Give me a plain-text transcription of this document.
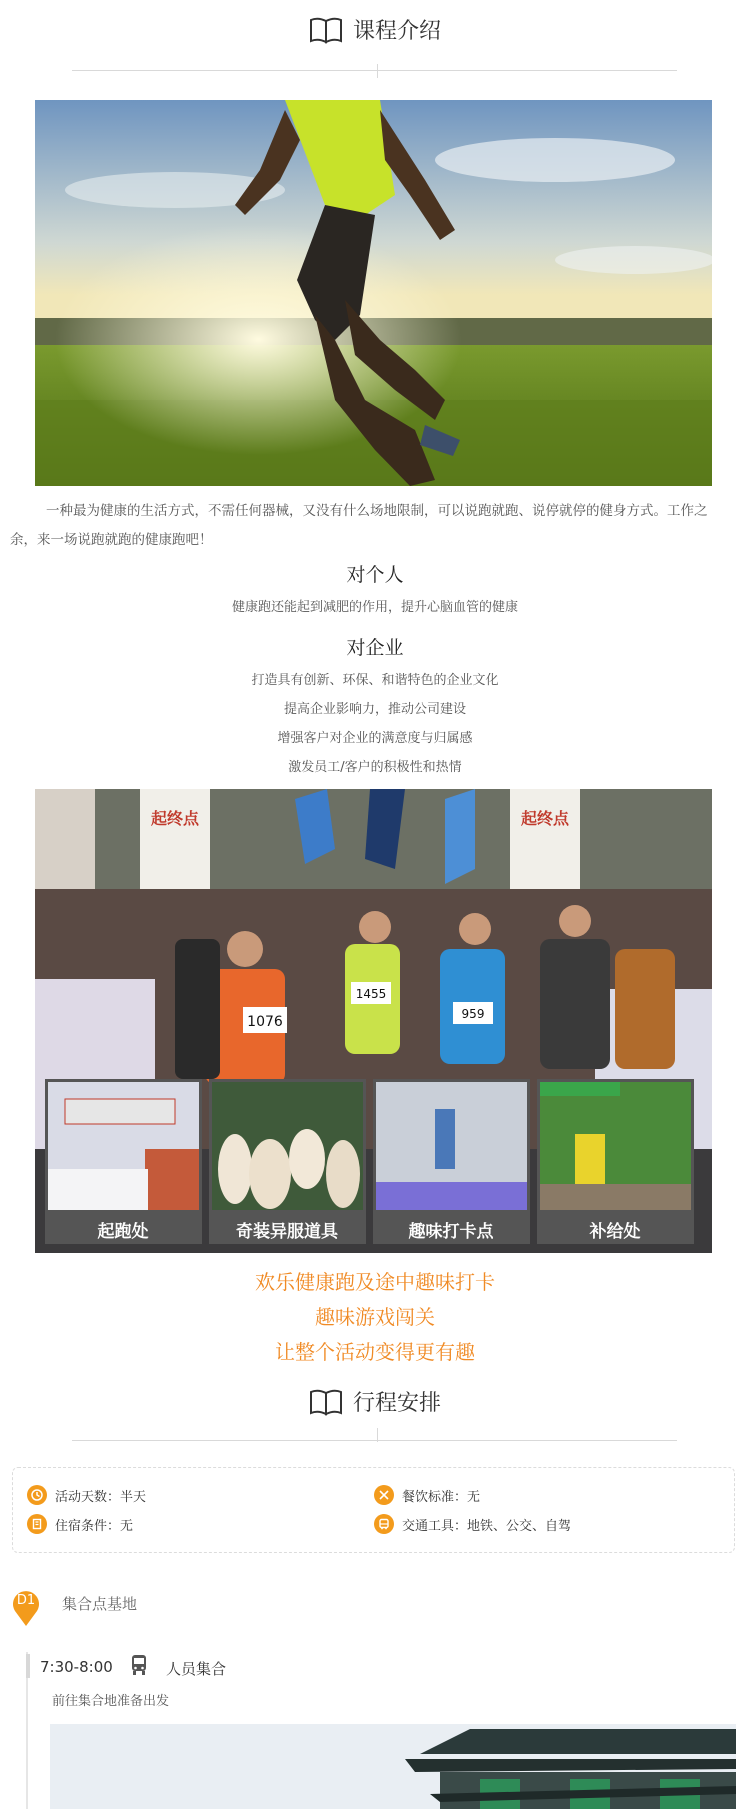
课程介绍
一种最为健康的生活方式，不需任何器械，又没有什么场地限制，可以说跑就跑、说停就停的健身方式。工作之余，来一场说跑就跑的健康跑吧！
对个人
健康跑还能起到减肥的作用，提升心脑血管的健康
对企业
打造具有创新、环保、和谐特色的企业文化
提高企业影响力，推动公司建设
增强客户对企业的满意度与归属感
激发员工/客户的积极性和热情
起终点	起终点
1076
1455
959
起跑处	奇装异服道具	趣味打卡点	补给处
欢乐健康跑及途中趣味打卡
趣味游戏闯关
让整个活动变得更有趣
行程安排
活动天数：半天	餐饮标准：无
住宿条件：无	交通工具：地铁、公交、自驾
D1	集合点基地
7:30-8:00	人员集合
前往集合地准备出发
